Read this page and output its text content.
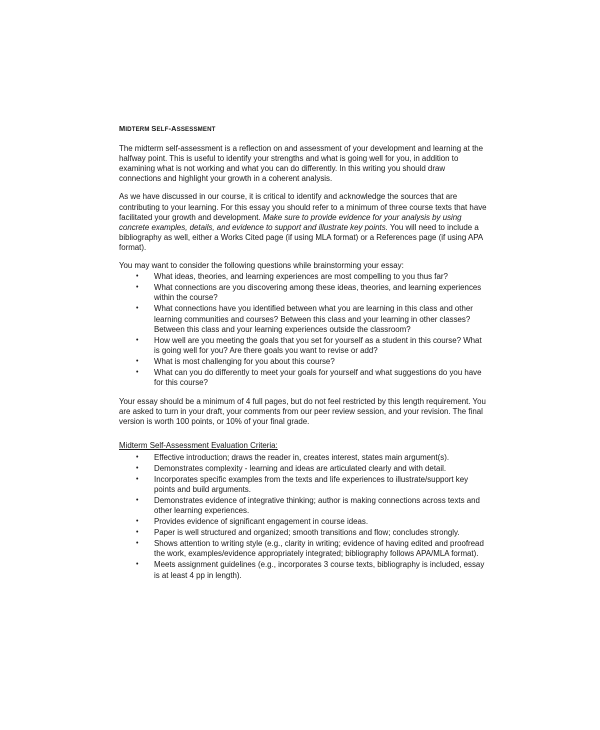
MIDTERM SELF-ASSESSMENT

The midterm self-assessment is a reflection on and assessment of your development and learning at the halfway point. This is useful to identify your strengths and what is going well for you, in addition to examining what is not working and what you can do differently. In this writing you should draw connections and highlight your growth in a coherent analysis.

As we have discussed in our course, it is critical to identify and acknowledge the sources that are contributing to your learning. For this essay you should refer to a minimum of three course texts that have facilitated your growth and development. Make sure to provide evidence for your analysis by using concrete examples, details, and evidence to support and illustrate key points. You will need to include a bibliography as well, either a Works Cited page (if using MLA format) or a References page (if using APA format).

You may want to consider the following questions while brainstorming your essay:

• What ideas, theories, and learning experiences are most compelling to you thus far?
• What connections are you discovering among these ideas, theories, and learning experiences within the course?
• What connections have you identified between what you are learning in this class and other learning communities and courses? Between this class and your learning in other classes? Between this class and your learning experiences outside the classroom?
• How well are you meeting the goals that you set for yourself as a student in this course? What is going well for you? Are there goals you want to revise or add?
• What is most challenging for you about this course?
• What can you do differently to meet your goals for yourself and what suggestions do you have for this course?

Your essay should be a minimum of 4 full pages, but do not feel restricted by this length requirement. You are asked to turn in your draft, your comments from our peer review session, and your revision. The final version is worth 100 points, or 10% of your final grade.

Midterm Self-Assessment Evaluation Criteria:
• Effective introduction; draws the reader in, creates interest, states main argument(s).
• Demonstrates complexity - learning and ideas are articulated clearly and with detail.
• Incorporates specific examples from the texts and life experiences to illustrate/support key points and build arguments.
• Demonstrates evidence of integrative thinking; author is making connections across texts and other learning experiences.
• Provides evidence of significant engagement in course ideas.
• Paper is well structured and organized; smooth transitions and flow; concludes strongly.
• Shows attention to writing style (e.g., clarity in writing; evidence of having edited and proofread the work, examples/evidence appropriately integrated; bibliography follows APA/MLA format).
• Meets assignment guidelines (e.g., incorporates 3 course texts, bibliography is included, essay is at least 4 pp in length).
